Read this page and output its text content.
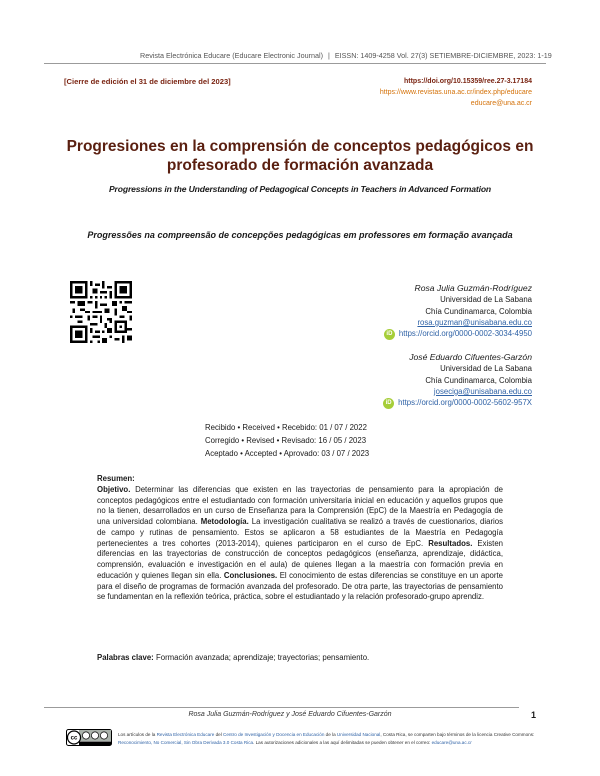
Revista Electrónica Educare (Educare Electronic Journal) | EISSN: 1409-4258 Vol. 27(3) SETIEMBRE-DICIEMBRE, 2023: 1-19
[Cierre de edición el 31 de diciembre del 2023]	https://doi.org/10.15359/ree.27-3.17184
https://www.revistas.una.ac.cr/index.php/educare
educare@una.ac.cr
Progresiones en la comprensión de conceptos pedagógicos en profesorado de formación avanzada
Progressions in the Understanding of Pedagogical Concepts in Teachers in Advanced Formation
Progressões na compreensão de concepções pedagógicas em professores em formação avançada
Rosa Julia Guzmán-Rodríguez
Universidad de La Sabana
Chía Cundinamarca, Colombia
rosa.guzman@unisabana.edu.co
iD https://orcid.org/0000-0002-3034-4950
José Eduardo Cifuentes-Garzón
Universidad de La Sabana
Chía Cundinamarca, Colombia
joseciga@unisabana.edu.co
iD https://orcid.org/0000-0002-5602-957X
Recibido • Received • Recebido: 01 / 07 / 2022
Corregido • Revised • Revisado: 16 / 05 / 2023
Aceptado • Accepted • Aprovado: 03 / 07 / 2023

Resumen:

Objetivo. Determinar las diferencias que existen en las trayectorias de pensamiento para la apropiación de conceptos pedagógicos entre el estudiantado con formación universitaria inicial en educación y aquellos grupos que no la tienen, desarrollados en un curso de Enseñanza para la Comprensión (EpC) de la Maestría en Pedagogía de una universidad colombiana. Metodología. La investigación cualitativa se realizó a través de cuestionarios, diarios de campo y rutinas de pensamiento. Estos se aplicaron a 58 estudiantes de la Maestría en Pedagogía pertenecientes a tres cohortes (2013-2014), quienes participaron en el curso de EpC. Resultados. Existen diferencias en las trayectorias de construcción de conceptos pedagógicos (enseñanza, aprendizaje, didáctica, comprensión, evaluación e investigación en el aula) de quienes llegan a la maestría con formación previa en educación y quienes llegan sin ella. Conclusiones. El conocimiento de estas diferencias se constituye en un aporte para el diseño de programas de formación avanzada del profesorado. De otra parte, las trayectorias de pensamiento se fundamentan en la reflexión teórica, práctica, sobre el estudiantado y la relación profesorado-grupo aprendiz.

Palabras clave: Formación avanzada; aprendizaje; trayectorias; pensamiento.
Rosa Julia Guzmán-Rodríguez y José Eduardo Cifuentes-Garzón	1
cc
Los artículos de la Revista Electrónica Educare del Centro de Investigación y Docencia en Educación de la Universidad Nacional, Costa Rica, se comparten bajo términos de la licencia Creative Commons: Reconocimiento, No Comercial, Sin Obra Derivada 3.0 Costa Rica. Las autorizaciones adicionales a las aquí delimitadas se pueden obtener en el correo: educare@una.ac.cr
